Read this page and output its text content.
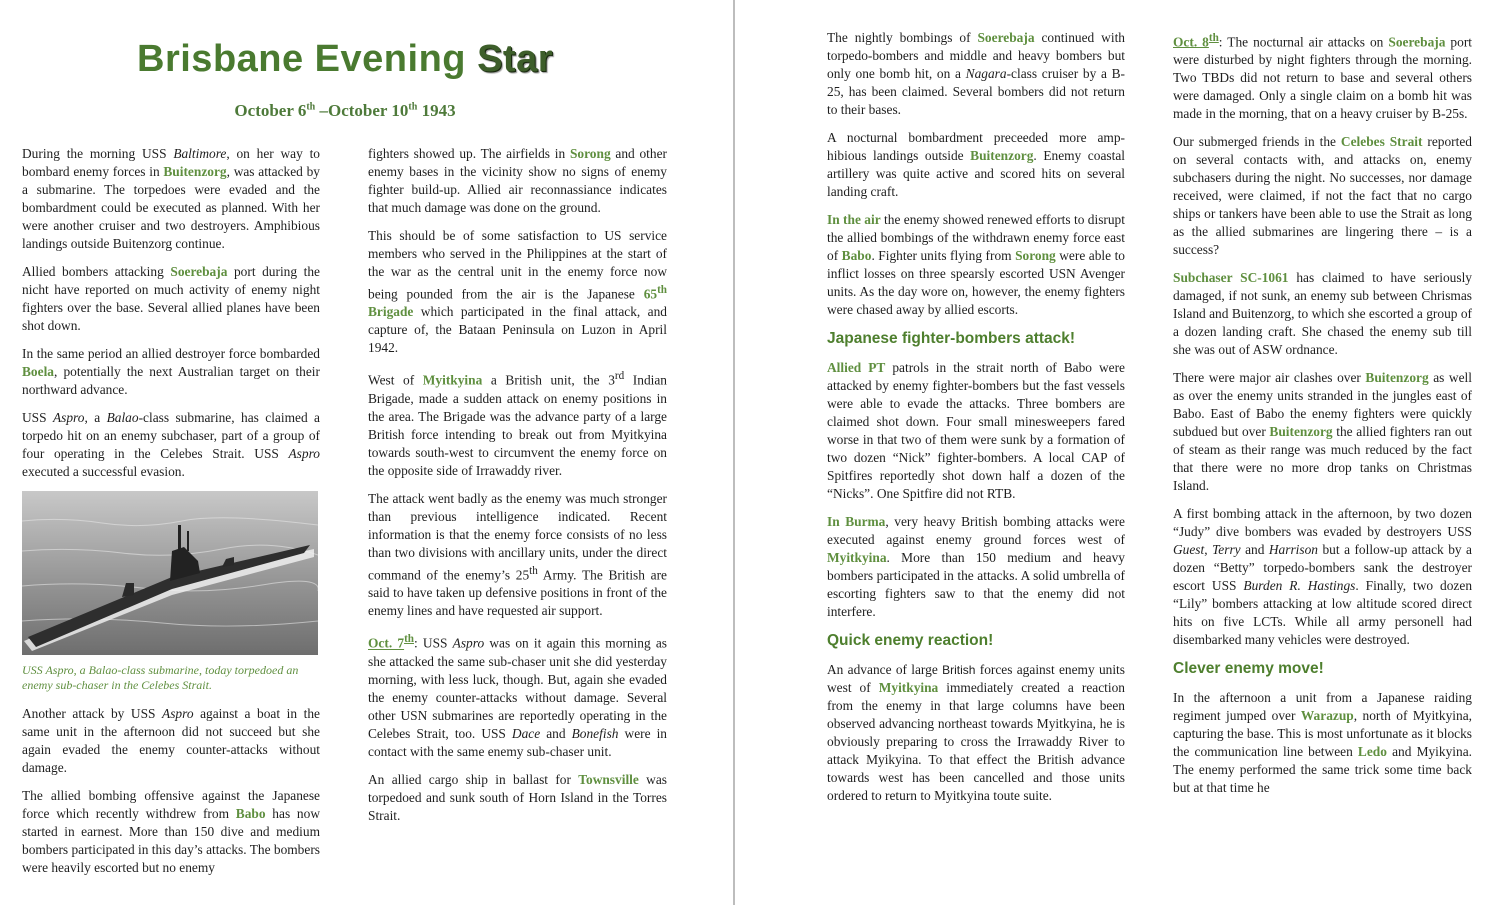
Brisbane Evening Star
October 6th –October 10th 1943

During the morning USS Baltimore, on her way to bombard enemy forces in Buitenzorg, was attacked by a submarine. The torpedoes were evaded and the bombardment could be executed as planned. With her were another cruiser and two destroyers. Amphibious landings outside Buitenzorg continue.

Allied bombers attacking Soerebaja port during the nicht have reported on much activity of enemy night fighters over the base. Several allied planes have been shot down.

In the same period an allied destroyer force bombarded Boela, potentially the next Australian target on their northward advance.

USS Aspro, a Balao-class submarine, has claimed a torpedo hit on an enemy subchaser, part of a group of four operating in the Celebes Strait. USS Aspro executed a successful evasion.

USS Aspro, a Balao-class submarine, today torpedoed an enemy sub-chaser in the Celebes Strait.

Another attack by USS Aspro against a boat in the same unit in the afternoon did not succeed but she again evaded the enemy counter-attacks without damage.

The allied bombing offensive against the Japanese force which recently withdrew from Babo has now started in earnest. More than 150 dive and medium bombers participated in this day’s attacks. The bombers were heavily escorted but no enemy

fighters showed up. The airfields in Sorong and other enemy bases in the vicinity show no signs of enemy fighter build-up. Allied air reconnassiance indicates that much damage was done on the ground.

This should be of some satisfaction to US service members who served in the Philippines at the start of the war as the central unit in the enemy force now being pounded from the air is the Japanese 65th Brigade which participated in the final attack, and capture of, the Bataan Peninsula on Luzon in April 1942.

West of Myitkyina a British unit, the 3rd Indian Brigade, made a sudden attack on enemy positions in the area. The Brigade was the advance party of a large British force intending to break out from Myitkyina towards south-west to circumvent the enemy force on the opposite side of Irrawaddy river.

The attack went badly as the enemy was much stronger than previous intelligence indicated. Recent information is that the enemy force consists of no less than two divisions with ancillary units, under the direct command of the enemy’s 25th Army. The British are said to have taken up defensive positions in front of the enemy lines and have requested air support.

Oct. 7th: USS Aspro was on it again this morning as she attacked the same sub-chaser unit she did yesterday morning, with less luck, though. But, again she evaded the enemy counter-attacks without damage. Several other USN submarines are reportedly operating in the Celebes Strait, too. USS Dace and Bonefish were in contact with the same enemy sub-chaser unit.

An allied cargo ship in ballast for Townsville was torpedoed and sunk south of Horn Island in the Torres Strait.

The nightly bombings of Soerebaja continued with torpedo-bombers and middle and heavy bombers but only one bomb hit, on a Nagara-class cruiser by a B-25, has been claimed. Several bombers did not return to their bases.

A nocturnal bombardment preceeded more amp-hibious landings outside Buitenzorg. Enemy coastal artillery was quite active and scored hits on several landing craft.

In the air the enemy showed renewed efforts to disrupt the allied bombings of the withdrawn enemy force east of Babo. Fighter units flying from Sorong were able to inflict losses on three spearsly escorted USN Avenger units. As the day wore on, however, the enemy fighters were chased away by allied escorts.

Japanese fighter-bombers attack!

Allied PT patrols in the strait north of Babo were attacked by enemy fighter-bombers but the fast vessels were able to evade the attacks. Three bombers are claimed shot down. Four small minesweepers fared worse in that two of them were sunk by a formation of two dozen “Nick” fighter-bombers. A local CAP of Spitfires reportedly shot down half a dozen of the “Nicks”. One Spitfire did not RTB.

In Burma, very heavy British bombing attacks were executed against enemy ground forces west of Myitkyina. More than 150 medium and heavy bombers participated in the attacks. A solid umbrella of escorting fighters saw to that the enemy did not interfere.

Quick enemy reaction!

An advance of large British forces against enemy units west of Myitkyina immediately created a reaction from the enemy in that large columns have been observed advancing northeast towards Myitkyina, he is obviously preparing to cross the Irrawaddy River to attack Myikyina. To that effect the British advance towards west has been cancelled and those units ordered to return to Myitkyina toute suite.

Oct. 8th: The nocturnal air attacks on Soerebaja port were disturbed by night fighters through the morning. Two TBDs did not return to base and several others were damaged. Only a single claim on a bomb hit was made in the morning, that on a heavy cruiser by B-25s.

Our submerged friends in the Celebes Strait reported on several contacts with, and attacks on, enemy subchasers during the night. No successes, nor damage received, were claimed, if not the fact that no cargo ships or tankers have been able to use the Strait as long as the allied submarines are lingering there – is a success?

Subchaser SC-1061 has claimed to have seriously damaged, if not sunk, an enemy sub between Chrismas Island and Buitenzorg, to which she escorted a group of a dozen landing craft. She chased the enemy sub till she was out of ASW ordnance.

There were major air clashes over Buitenzorg as well as over the enemy units stranded in the jungles east of Babo. East of Babo the enemy fighters were quickly subdued but over Buitenzorg the allied fighters ran out of steam as their range was much reduced by the fact that there were no more drop tanks on Christmas Island.

A first bombing attack in the afternoon, by two dozen “Judy” dive bombers was evaded by destroyers USS Guest, Terry and Harrison but a follow-up attack by a dozen “Betty” torpedo-bombers sank the destroyer escort USS Burden R. Hastings. Finally, two dozen “Lily” bombers attacking at low altitude scored direct hits on five LCTs. While all army personell had disembarked many vehicles were destroyed.

Clever enemy move!

In the afternoon a unit from a Japanese raiding regiment jumped over Warazup, north of Myitkyina, capturing the base. This is most unfortunate as it blocks the communication line between Ledo and Myikyina. The enemy performed the same trick some time back but at that time he
